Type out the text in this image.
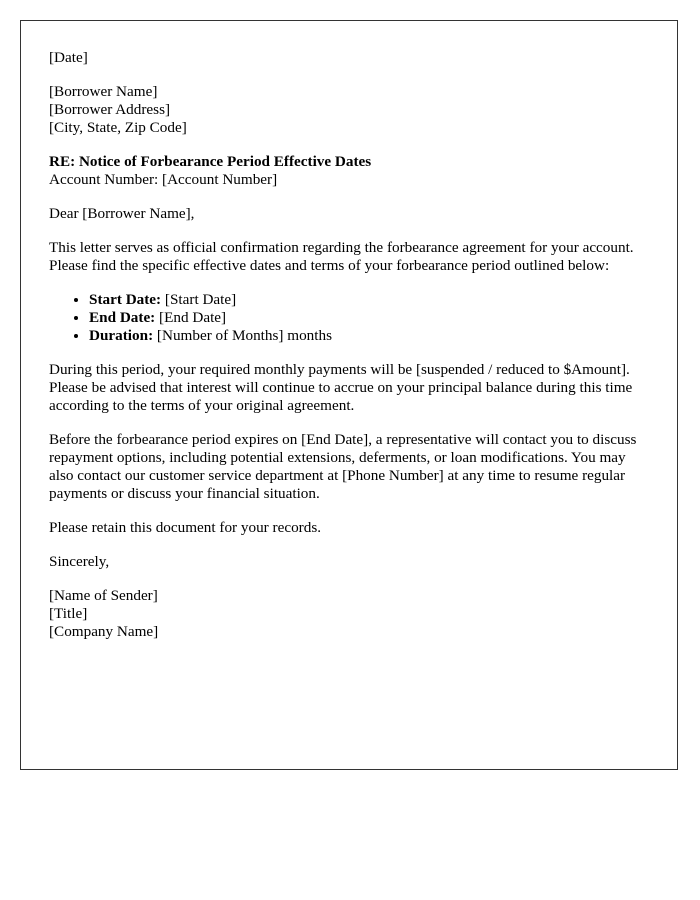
[Date]
[Borrower Name]
[Borrower Address]
[City, State, Zip Code]
RE: Notice of Forbearance Period Effective Dates
Account Number: [Account Number]

Dear [Borrower Name],

This letter serves as official confirmation regarding the forbearance agreement for your account. Please find the specific effective dates and terms of your forbearance period outlined below:

• Start Date: [Start Date]
• End Date: [End Date]
• Duration: [Number of Months] months

During this period, your required monthly payments will be [suspended / reduced to $Amount]. Please be advised that interest will continue to accrue on your principal balance during this time according to the terms of your original agreement.

Before the forbearance period expires on [End Date], a representative will contact you to discuss repayment options, including potential extensions, deferments, or loan modifications. You may also contact our customer service department at [Phone Number] at any time to resume regular payments or discuss your financial situation.

Please retain this document for your records.

Sincerely,

[Name of Sender]
[Title]
[Company Name]
